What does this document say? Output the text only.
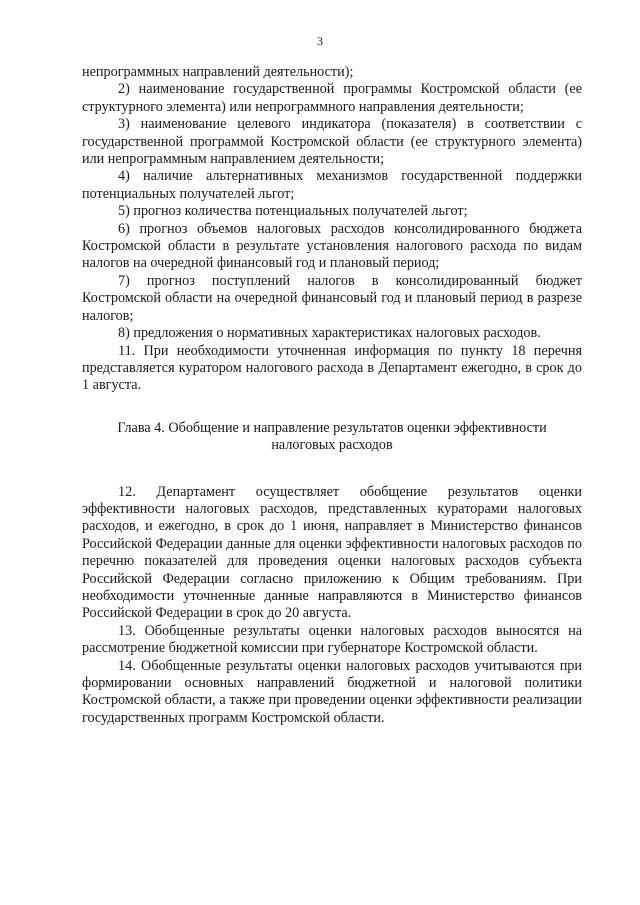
3

непрограммных направлений деятельности);

2) наименование государственной программы Костромской области (ее структурного элемента) или непрограммного направления деятельности;

3) наименование целевого индикатора (показателя) в соответствии с государственной программой Костромской области (ее структурного элемента) или непрограммным направлением деятельности;

4) наличие альтернативных механизмов государственной поддержки потенциальных получателей льгот;

5) прогноз количества потенциальных получателей льгот;

6) прогноз объемов налоговых расходов консолидированного бюджета Костромской области в результате установления налогового расхода по видам налогов на очередной финансовый год и плановый период;

7) прогноз поступлений налогов в консолидированный бюджет Костромской области на очередной финансовый год и плановый период в разрезе налогов;

8) предложения о нормативных характеристиках налоговых расходов.

11. При необходимости уточненная информация по пункту 18 перечня представляется куратором налогового расхода в Департамент ежегодно, в срок до 1 августа.

Глава 4. Обобщение и направление результатов оценки эффективности налоговых расходов

12. Департамент осуществляет обобщение результатов оценки эффективности налоговых расходов, представленных кураторами налоговых расходов, и ежегодно, в срок до 1 июня, направляет в Министерство финансов Российской Федерации данные для оценки эффективности налоговых расходов по перечню показателей для проведения оценки налоговых расходов субъекта Российской Федерации согласно приложению к Общим требованиям. При необходимости уточненные данные направляются в Министерство финансов Российской Федерации в срок до 20 августа.

13. Обобщенные результаты оценки налоговых расходов выносятся на рассмотрение бюджетной комиссии при губернаторе Костромской области.

14. Обобщенные результаты оценки налоговых расходов учитываются при формировании основных направлений бюджетной и налоговой политики Костромской области, а также при проведении оценки эффективности реализации государственных программ Костромской области.
